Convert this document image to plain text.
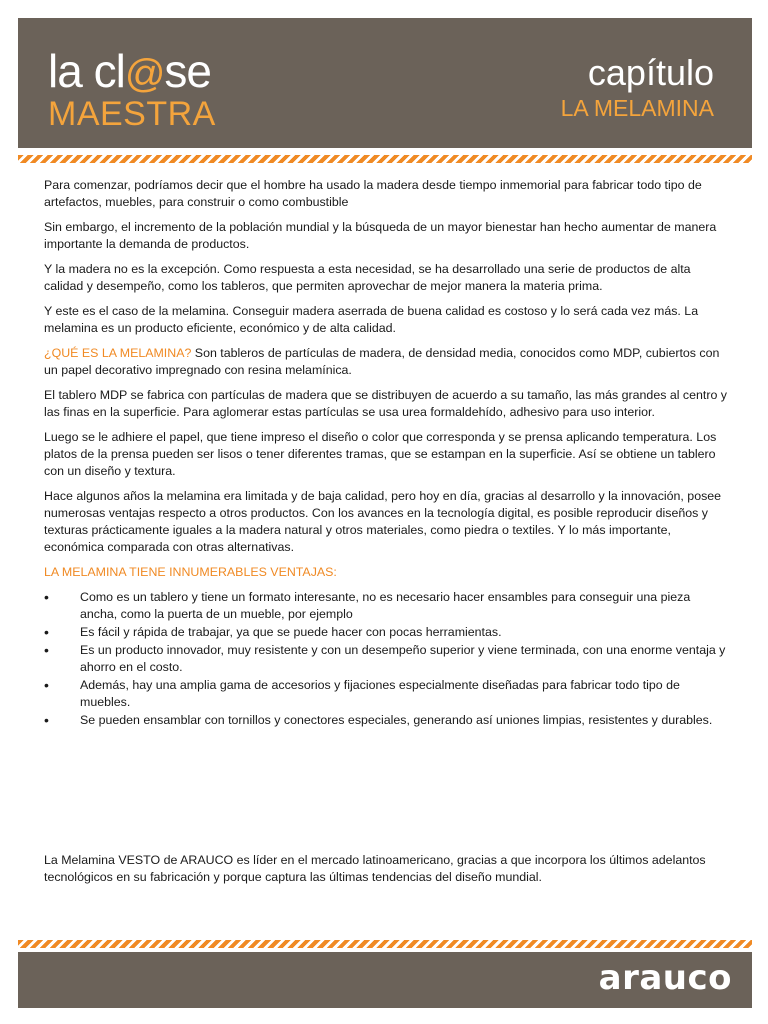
la cl@se
MAESTRA
capítulo
LA MELAMINA

Para comenzar, podríamos decir que el hombre ha usado la madera desde tiempo inmemorial para fabricar todo tipo de artefactos, muebles, para construir o como combustible

Sin embargo, el incremento de la población mundial y la búsqueda de un mayor bienestar han hecho aumentar de manera importante la demanda de productos.

Y la madera no es la excepción. Como respuesta a esta necesidad, se ha desarrollado una serie de productos de alta calidad y desempeño, como los tableros, que permiten aprovechar de mejor manera la materia prima.

Y este es el caso de la melamina. Conseguir madera aserrada de buena calidad es costoso y lo será cada vez más. La melamina es un producto eficiente, económico y de alta calidad.

¿QUÉ ES LA MELAMINA? Son tableros de partículas de madera, de densidad media, conocidos como MDP, cubiertos con un papel decorativo impregnado con resina melamínica.

El tablero MDP se fabrica con partículas de madera que se distribuyen de acuerdo a su tamaño, las más grandes al centro y las finas en la superficie. Para aglomerar estas partículas se usa urea formaldehído, adhesivo para uso interior.

Luego se le adhiere el papel, que tiene impreso el diseño o color que corresponda y se prensa aplicando temperatura. Los platos de la prensa pueden ser lisos o tener diferentes tramas, que se estampan en la superficie. Así se obtiene un tablero con un diseño y textura.

Hace algunos años la melamina era limitada y de baja calidad, pero hoy en día, gracias al desarrollo y la innovación, posee numerosas ventajas respecto a otros productos. Con los avances en la tecnología digital, es posible reproducir diseños y texturas prácticamente iguales a la madera natural y otros materiales, como piedra o textiles. Y lo más importante, económica comparada con otras alternativas.

LA MELAMINA TIENE INNUMERABLES VENTAJAS:

•	Como es un tablero y tiene un formato interesante, no es necesario hacer ensambles para conseguir una pieza ancha, como la puerta de un mueble, por ejemplo
•	Es fácil y rápida de trabajar, ya que se puede hacer con pocas herramientas.
•	Es un producto innovador, muy resistente y con un desempeño superior y viene terminada, con una enorme ventaja y ahorro en el costo.
•	Además, hay una amplia gama de accesorios y fijaciones especialmente diseñadas para fabricar todo tipo de muebles.
•	Se pueden ensamblar con tornillos y conectores especiales, generando así uniones limpias, resistentes y durables.

La Melamina VESTO de ARAUCO es líder en el mercado latinoamericano, gracias a que incorpora los últimos adelantos tecnológicos en su fabricación y porque captura las últimas tendencias del diseño mundial.

arauco
